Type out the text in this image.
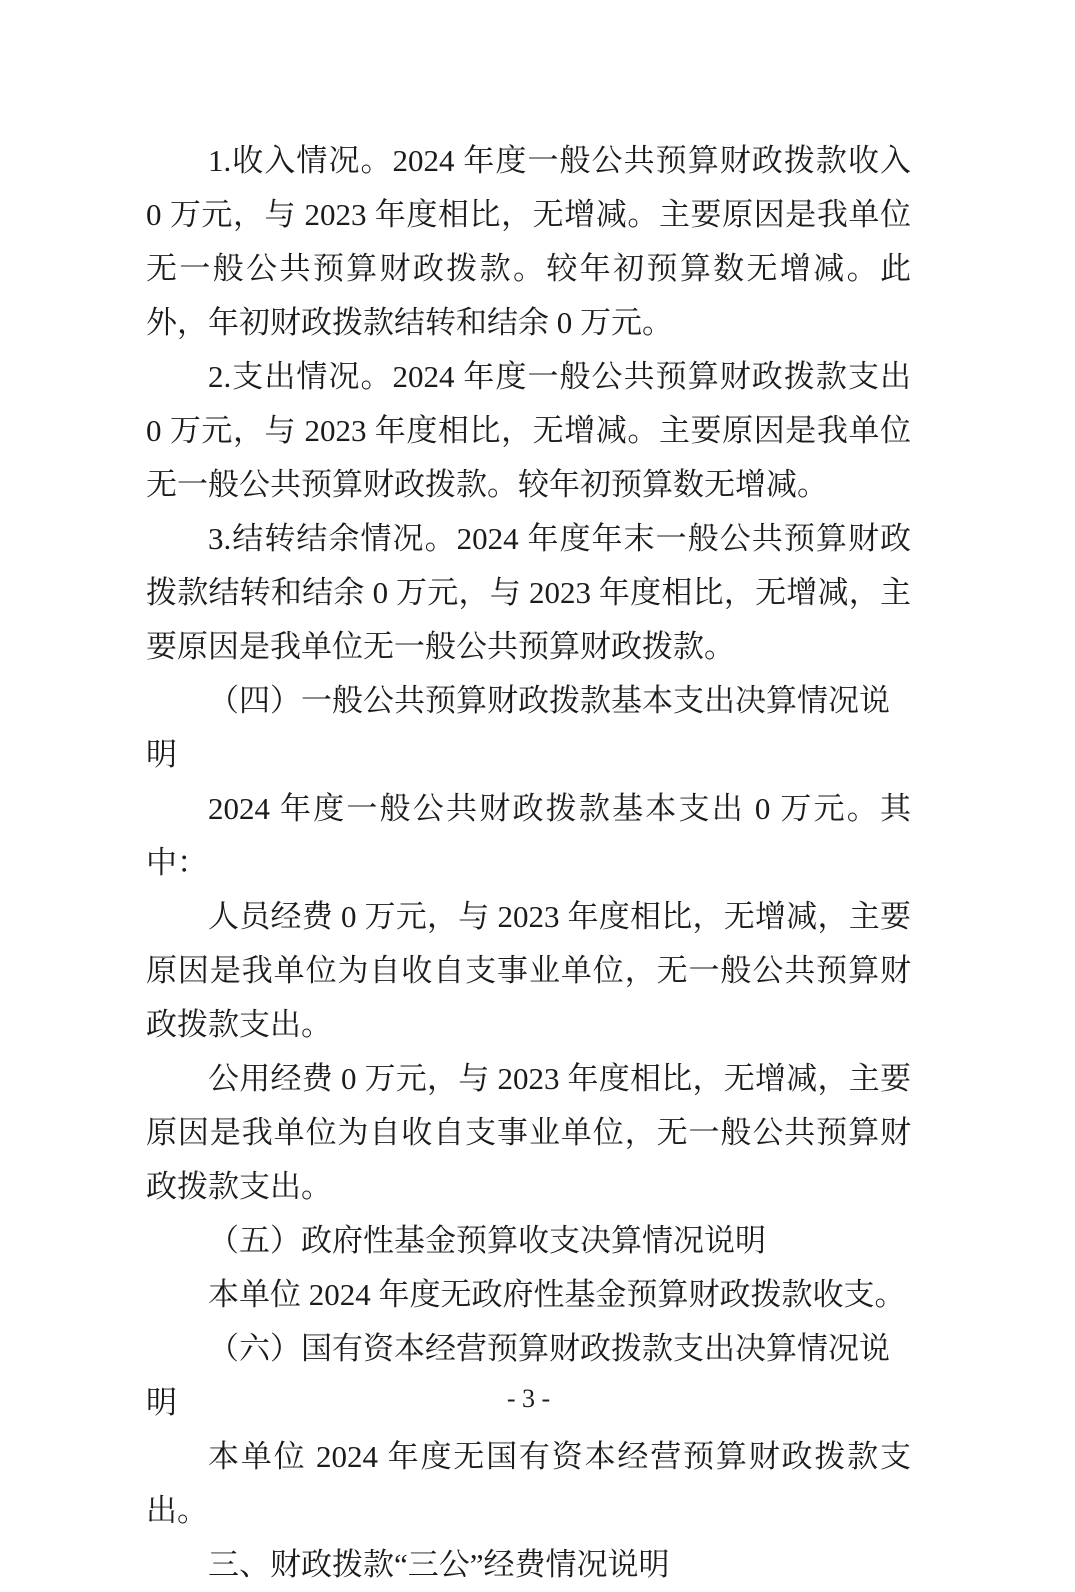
1.收入情况。2024 年度一般公共预算财政拨款收入 0 万元，与 2023 年度相比，无增减。主要原因是我单位无一般公共预算财政拨款。较年初预算数无增减。此外，年初财政拨款结转和结余 0 万元。

2.支出情况。2024 年度一般公共预算财政拨款支出 0 万元，与 2023 年度相比，无增减。主要原因是我单位无一般公共预算财政拨款。较年初预算数无增减。

3.结转结余情况。2024 年度年末一般公共预算财政拨款结转和结余 0 万元，与 2023 年度相比，无增减，主要原因是我单位无一般公共预算财政拨款。

（四）一般公共预算财政拨款基本支出决算情况说明

2024 年度一般公共财政拨款基本支出 0 万元。其中：

人员经费 0 万元，与 2023 年度相比，无增减，主要原因是我单位为自收自支事业单位，无一般公共预算财政拨款支出。

公用经费 0 万元，与 2023 年度相比，无增减，主要原因是我单位为自收自支事业单位，无一般公共预算财政拨款支出。

（五）政府性基金预算收支决算情况说明

本单位 2024 年度无政府性基金预算财政拨款收支。

（六）国有资本经营预算财政拨款支出决算情况说明

本单位 2024 年度无国有资本经营预算财政拨款支出。

三、财政拨款“三公”经费情况说明
- 3 -
